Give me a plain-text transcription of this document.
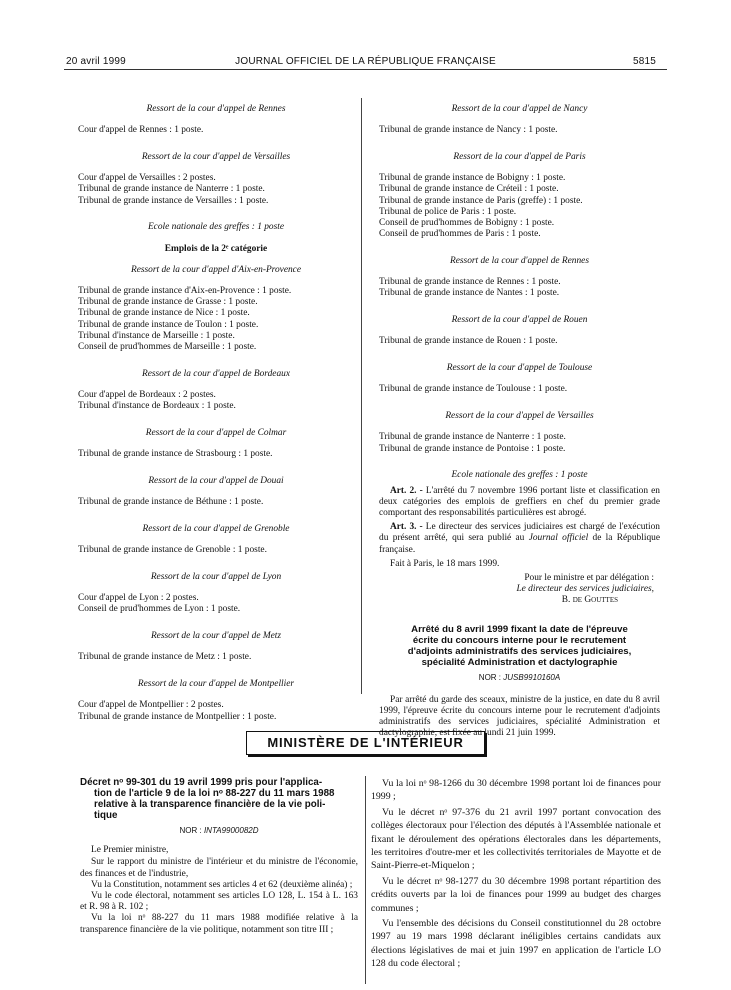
20 avril 1999	JOURNAL OFFICIEL DE LA RÉPUBLIQUE FRANÇAISE	5815
Ressort de la cour d'appel de Rennes
Cour d'appel de Rennes : 1 poste.
Ressort de la cour d'appel de Versailles
Cour d'appel de Versailles : 2 postes.
Tribunal de grande instance de Nanterre : 1 poste.
Tribunal de grande instance de Versailles : 1 poste.
Ecole nationale des greffes : 1 poste
Emplois de la 2ᵉ catégorie
Ressort de la cour d'appel d'Aix-en-Provence
Tribunal de grande instance d'Aix-en-Provence : 1 poste.
Tribunal de grande instance de Grasse : 1 poste.
Tribunal de grande instance de Nice : 1 poste.
Tribunal de grande instance de Toulon : 1 poste.
Tribunal d'instance de Marseille : 1 poste.
Conseil de prud'hommes de Marseille : 1 poste.
Ressort de la cour d'appel de Bordeaux
Cour d'appel de Bordeaux : 2 postes.
Tribunal d'instance de Bordeaux : 1 poste.
Ressort de la cour d'appel de Colmar
Tribunal de grande instance de Strasbourg : 1 poste.
Ressort de la cour d'appel de Douai
Tribunal de grande instance de Béthune : 1 poste.
Ressort de la cour d'appel de Grenoble
Tribunal de grande instance de Grenoble : 1 poste.
Ressort de la cour d'appel de Lyon
Cour d'appel de Lyon : 2 postes.
Conseil de prud'hommes de Lyon : 1 poste.
Ressort de la cour d'appel de Metz
Tribunal de grande instance de Metz : 1 poste.
Ressort de la cour d'appel de Montpellier
Cour d'appel de Montpellier : 2 postes.
Tribunal de grande instance de Montpellier : 1 poste.
Ressort de la cour d'appel de Nancy
Tribunal de grande instance de Nancy : 1 poste.
Ressort de la cour d'appel de Paris
Tribunal de grande instance de Bobigny : 1 poste.
Tribunal de grande instance de Créteil : 1 poste.
Tribunal de grande instance de Paris (greffe) : 1 poste.
Tribunal de police de Paris : 1 poste.
Conseil de prud'hommes de Bobigny : 1 poste.
Conseil de prud'hommes de Paris : 1 poste.
Ressort de la cour d'appel de Rennes
Tribunal de grande instance de Rennes : 1 poste.
Tribunal de grande instance de Nantes : 1 poste.
Ressort de la cour d'appel de Rouen
Tribunal de grande instance de Rouen : 1 poste.
Ressort de la cour d'appel de Toulouse
Tribunal de grande instance de Toulouse : 1 poste.
Ressort de la cour d'appel de Versailles
Tribunal de grande instance de Nanterre : 1 poste.
Tribunal de grande instance de Pontoise : 1 poste.
Ecole nationale des greffes : 1 poste
Art. 2. - L'arrêté du 7 novembre 1996 portant liste et classification en deux catégories des emplois de greffiers en chef du premier grade comportant des responsabilités particulières est abrogé.
Art. 3. - Le directeur des services judiciaires est chargé de l'exécution du présent arrêté, qui sera publié au Journal officiel de la République française.
Fait à Paris, le 18 mars 1999.
Pour le ministre et par délégation :
Le directeur des services judiciaires,
B. de Gouttes
Arrêté du 8 avril 1999 fixant la date de l'épreuve
écrite du concours interne pour le recrutement
d'adjoints administratifs des services judiciaires,
spécialité Administration et dactylographie
NOR : JUSB9910160A
Par arrêté du garde des sceaux, ministre de la justice, en date du 8 avril 1999, l'épreuve écrite du concours interne pour le recrutement d'adjoints administratifs des services judiciaires, spécialité Administration et dactylographie, est fixée au lundi 21 juin 1999.
MINISTÈRE DE L'INTÉRIEUR
Décret nᵒ 99-301 du 19 avril 1999 pris pour l'applica-
tion de l'article 9 de la loi nᵒ 88-227 du 11 mars 1988
relative à la transparence financière de la vie poli-
tique
NOR : INTA9900082D
Le Premier ministre,
Sur le rapport du ministre de l'intérieur et du ministre de l'économie, des finances et de l'industrie,
Vu la Constitution, notamment ses articles 4 et 62 (deuxième alinéa) ;
Vu le code électoral, notamment ses articles LO 128, L. 154 à L. 163 et R. 98 à R. 102 ;
Vu la loi nᵒ 88-227 du 11 mars 1988 modifiée relative à la transparence financière de la vie politique, notamment son titre III ;
Vu la loi nᵒ 98-1266 du 30 décembre 1998 portant loi de finances pour 1999 ;
Vu le décret nᵒ 97-376 du 21 avril 1997 portant convocation des collèges électoraux pour l'élection des députés à l'Assemblée nationale et fixant le déroulement des opérations électorales dans les départements, les territoires d'outre-mer et les collectivités territoriales de Mayotte et de Saint-Pierre-et-Miquelon ;
Vu le décret nᵒ 98-1277 du 30 décembre 1998 portant répartition des crédits ouverts par la loi de finances pour 1999 au budget des charges communes ;
Vu l'ensemble des décisions du Conseil constitutionnel du 28 octobre 1997 au 19 mars 1998 déclarant inéligibles certains candidats aux élections législatives de mai et juin 1997 en application de l'article LO 128 du code électoral ;
